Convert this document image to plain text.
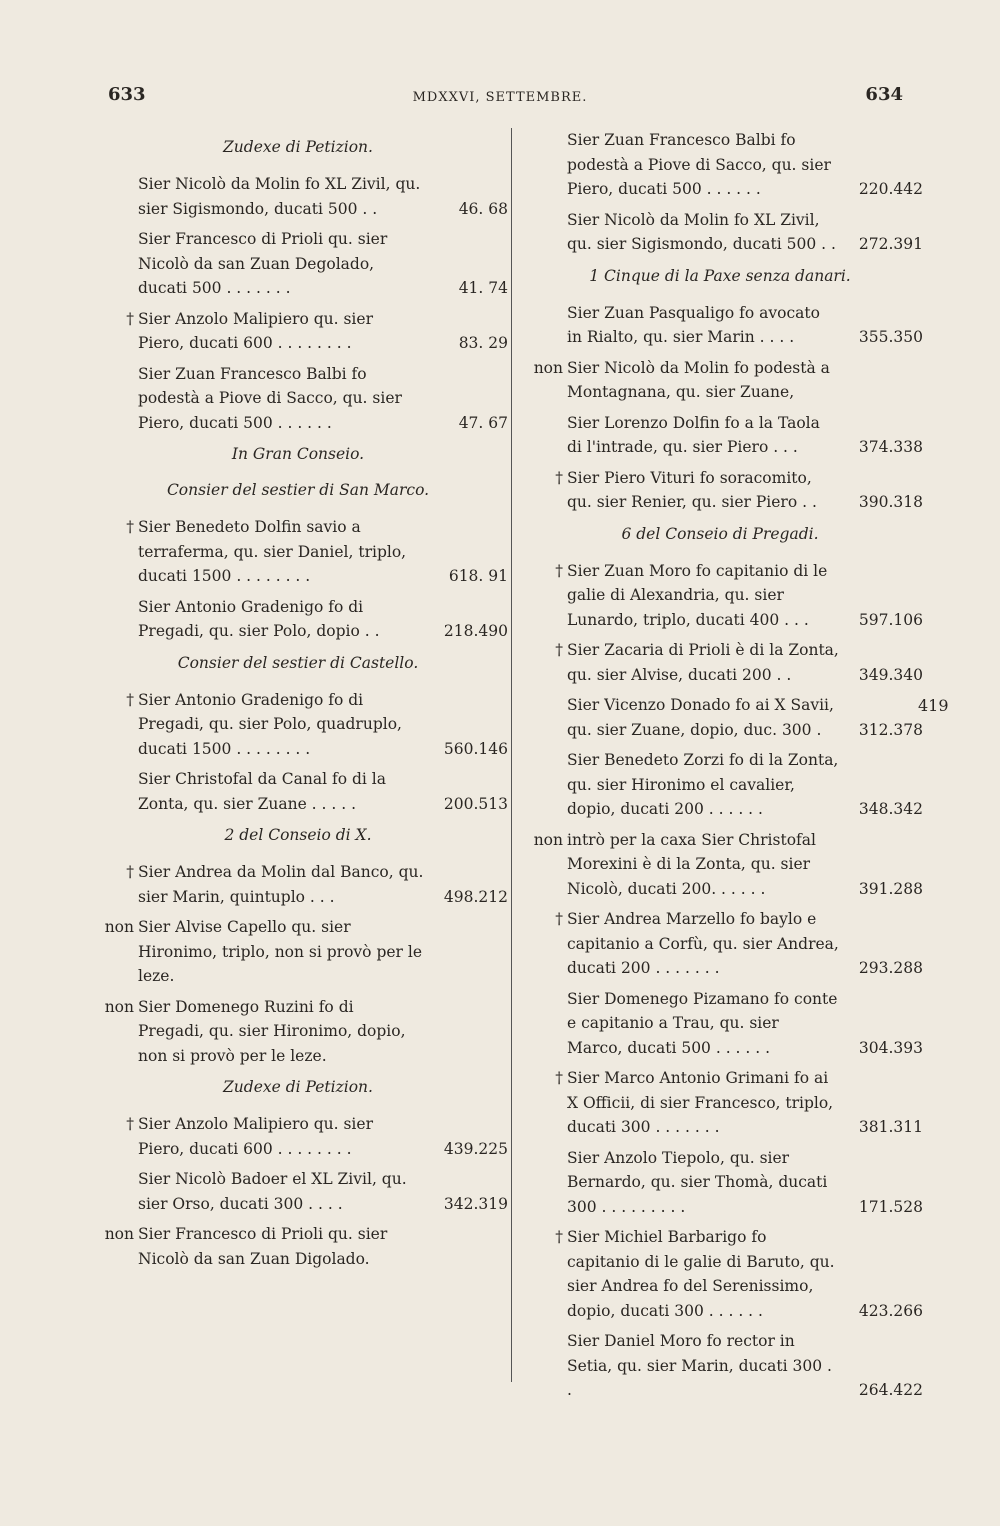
633	MDXXVI, SETTEMBRE.	634
Zudexe di Petizion.
Sier Nicolò da Molin fo XL Zivil, qu. sier Sigismondo, ducati 500 . .	46. 68
Sier Francesco di Prioli qu. sier Nicolò da san Zuan Degolado, ducati 500 . . . . . . .	41. 74
† Sier Anzolo Malipiero qu. sier Piero, ducati 600 . . . . . . . .	83. 29
Sier Zuan Francesco Balbi fo podestà a Piove di Sacco, qu. sier Piero, ducati 500 . . . . . .	47. 67
In Gran Conseio.
Consier del sestier di San Marco.
† Sier Benedeto Dolfin savio a terraferma, qu. sier Daniel, triplo, ducati 1500 . . . . . . . .	618. 91
Sier Antonio Gradenigo fo di Pregadi, qu. sier Polo, dopio . .	218.490
Consier del sestier di Castello.
† Sier Antonio Gradenigo fo di Pregadi, qu. sier Polo, quadruplo, ducati 1500 . . . . . . . .	560.146
Sier Christofal da Canal fo di la Zonta, qu. sier Zuane . . . . .	200.513
2 del Conseio di X.
† Sier Andrea da Molin dal Banco, qu. sier Marin, quintuplo . . .	498.212
non Sier Alvise Capello qu. sier Hironimo, triplo, non si provò per le leze.
non Sier Domenego Ruzini fo di Pregadi, qu. sier Hironimo, dopio, non si provò per le leze.
Zudexe di Petizion.
† Sier Anzolo Malipiero qu. sier Piero, ducati 600 . . . . . . . .	439.225
Sier Nicolò Badoer el XL Zivil, qu. sier Orso, ducati 300 . . . .	342.319
non Sier Francesco di Prioli qu. sier Nicolò da san Zuan Digolado.
Sier Zuan Francesco Balbi fo podestà a Piove di Sacco, qu. sier Piero, ducati 500 . . . . . .	220.442
Sier Nicolò da Molin fo XL Zivil, qu. sier Sigismondo, ducati 500 . . 272.391
1 Cinque di la Paxe senza danari.
Sier Zuan Pasqualigo fo avocato in Rialto, qu. sier Marin . . . .	355.350
non Sier Nicolò da Molin fo podestà a Montagnana, qu. sier Zuane,
Sier Lorenzo Dolfin fo a la Taola di l'intrade, qu. sier Piero . . .	374.338
† Sier Piero Vituri fo soracomito, qu. sier Renier, qu. sier Piero . .	390.318
6 del Conseio di Pregadi.
† Sier Zuan Moro fo capitanio di le galie di Alexandria, qu. sier Lunardo, triplo, ducati 400 . . .	597.106
† Sier Zacaria di Prioli è di la Zonta, qu. sier Alvise, ducati 200 . .	349.340
Sier Vicenzo Donado fo ai X Savii, qu. sier Zuane, dopio, duc. 300 .	312.378
Sier Benedeto Zorzi fo di la Zonta, qu. sier Hironimo el cavalier, dopio, ducati 200 . . . . . .	348.342
non intrò per la caxa Sier Christofal Morexini è di la Zonta, qu. sier Nicolò, ducati 200. . . . . .	391.288
† Sier Andrea Marzello fo baylo e capitanio a Corfù, qu. sier Andrea, ducati 200 . . . . . . .	293.288
Sier Domenego Pizamano fo conte e capitanio a Trau, qu. sier Marco, ducati 500 . . . . . .	304.393
† Sier Marco Antonio Grimani fo ai X Officii, di sier Francesco, triplo, ducati 300 . . . . . . .	381.311
Sier Anzolo Tiepolo, qu. sier Bernardo, qu. sier Thomà, ducati 300 . . . . . . . . .	171.528
† Sier Michiel Barbarigo fo capitanio di le galie di Baruto, qu. sier Andrea fo del Serenissimo, dopio, ducati 300 . . . . . .	423.266
Sier Daniel Moro fo rector in Setia, qu. sier Marin, ducati 300 . .	264.422
419
